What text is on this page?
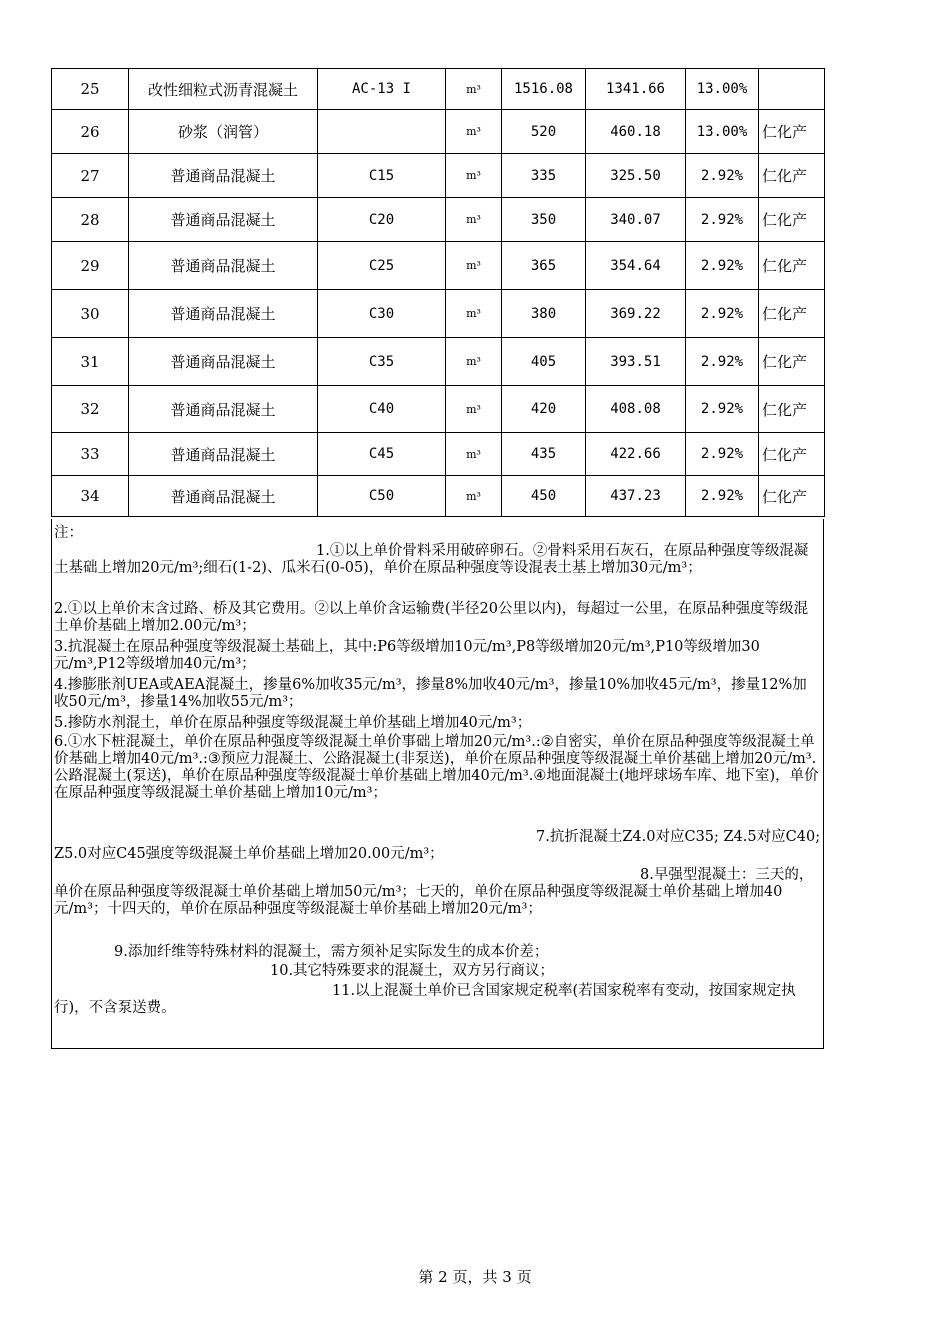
25	改性细粒式沥青混凝土	AC-13 I	m³	1516.08	1341.66	13.00%	
26	砂浆（润管）		m³	520	460.18	13.00%	仁化产
27	普通商品混凝土	C15	m³	335	325.50	2.92%	仁化产
28	普通商品混凝土	C20	m³	350	340.07	2.92%	仁化产
29	普通商品混凝土	C25	m³	365	354.64	2.92%	仁化产
30	普通商品混凝土	C30	m³	380	369.22	2.92%	仁化产
31	普通商品混凝土	C35	m³	405	393.51	2.92%	仁化产
32	普通商品混凝土	C40	m³	420	408.08	2.92%	仁化产
33	普通商品混凝土	C45	m³	435	422.66	2.92%	仁化产
34	普通商品混凝土	C50	m³	450	437.23	2.92%	仁化产
注：
1.①以上单价骨料采用破碎卵石。②骨料采用石灰石，在原品种强度等级混凝土基础上增加20元/m³;细石(1-2)、瓜米石(0-05)，单价在原品种强度等设混表土基上增加30元/m³；
2.①以上单价末含过路、桥及其它费用。②以上单价含运输费(半径20公里以内)，每超过一公里，在原品种强度等级混土单价基础上增加2.00元/m³；
3.抗混凝土在原品种强度等级混凝土基础上，其中:P6等级增加10元/m³,P8等级增加20元/m³,P10等级增加30元/m³,P12等级增加40元/m³；
4.掺膨胀剂UEA或AEA混凝土，掺量6%加收35元/m³，掺量8%加收40元/m³，掺量10%加收45元/m³，掺量12%加收50元/m³，掺量14%加收55元/m³；
5.掺防水剂混土，单价在原品种强度等级混凝土单价基础上增加40元/m³；
6.①水下桩混凝土，单价在原品种强度等级混凝土单价事础上增加20元/m³.:②自密实，单价在原品种强度等级混凝土单价基础上增加40元/m³.:③预应力混凝土、公路混凝土(非泵送)，单价在原品种强度等级混凝土单价基础上增加20元/m³.公路混凝土(泵送)，单价在原品种强度等级混凝士单价基础上增加40元/m³.④地面混凝土(地坪球场车库、地下室)，单价在原品种强度等级混凝土单价基础上增加10元/m³；
7.抗折混凝土Z4.0对应C35; Z4.5对应C40; Z5.0对应C45强度等级混凝土单价基础上增加20.00元/m³；
8.早强型混凝土：三天的，单价在原品种强度等级混凝士单价基础上增加50元/m³；七天的，单价在原品种强度等级混凝士单价基础上增加40元/m³；十四天的，单价在原品种强度等级混凝士单价基础上增加20元/m³；
9.添加纤维等特殊材料的混凝土，需方须补足实际发生的成本价差；
10.其它特殊要求的混凝土，双方另行商议；
11.以上混凝土单价已含国家规定税率(若国家税率有变动，按国家规定执行)，不含泵送费。
第 2 页，共 3 页
